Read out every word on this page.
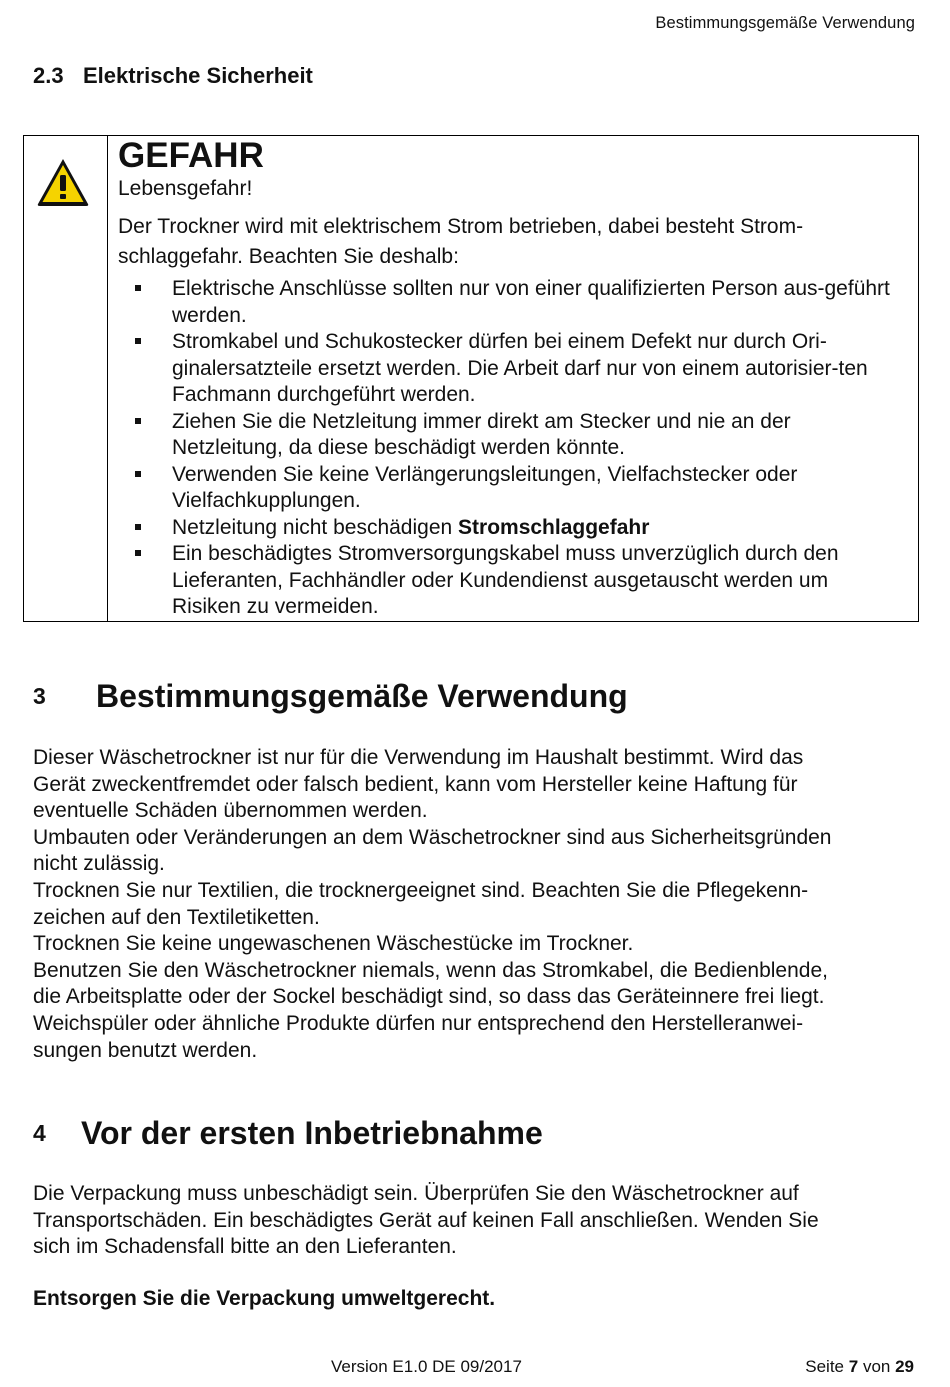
Bestimmungsgemäße Verwendung
2.3 Elektrische Sicherheit
GEFAHR
Lebensgefahr!
Der Trockner wird mit elektrischem Strom betrieben, dabei besteht Strom-
schlaggefahr. Beachten Sie deshalb:
Elektrische Anschlüsse sollten nur von einer qualifizierten Person aus-geführt werden.
Stromkabel und Schukostecker dürfen bei einem Defekt nur durch Ori-ginalersatzteile ersetzt werden. Die Arbeit darf nur von einem autorisier-ten Fachmann durchgeführt werden.
Ziehen Sie die Netzleitung immer direkt am Stecker und nie an der Netzleitung, da diese beschädigt werden könnte.
Verwenden Sie keine Verlängerungsleitungen, Vielfachstecker oder Vielfachkupplungen.
Netzleitung nicht beschädigen Stromschlaggefahr
Ein beschädigtes Stromversorgungskabel muss unverzüglich durch den Lieferanten, Fachhändler oder Kundendienst ausgetauscht werden um Risiken zu vermeiden.
3 Bestimmungsgemäße Verwendung
Dieser Wäschetrockner ist nur für die Verwendung im Haushalt bestimmt. Wird das
Gerät zweckentfremdet oder falsch bedient, kann vom Hersteller keine Haftung für
eventuelle Schäden übernommen werden.
Umbauten oder Veränderungen an dem Wäschetrockner sind aus Sicherheitsgründen
nicht zulässig.
Trocknen Sie nur Textilien, die trocknergeeignet sind. Beachten Sie die Pflegekenn-
zeichen auf den Textiletiketten.
Trocknen Sie keine ungewaschenen Wäschestücke im Trockner.
Benutzen Sie den Wäschetrockner niemals, wenn das Stromkabel, die Bedienblende,
die Arbeitsplatte oder der Sockel beschädigt sind, so dass das Geräteinnere frei liegt.
Weichspüler oder ähnliche Produkte dürfen nur entsprechend den Herstelleranwei-
sungen benutzt werden.
4 Vor der ersten Inbetriebnahme
Die Verpackung muss unbeschädigt sein. Überprüfen Sie den Wäschetrockner auf
Transportschäden. Ein beschädigtes Gerät auf keinen Fall anschließen. Wenden Sie
sich im Schadensfall bitte an den Lieferanten.
Entsorgen Sie die Verpackung umweltgerecht.
Version E1.0 DE 09/2017	Seite 7 von 29
